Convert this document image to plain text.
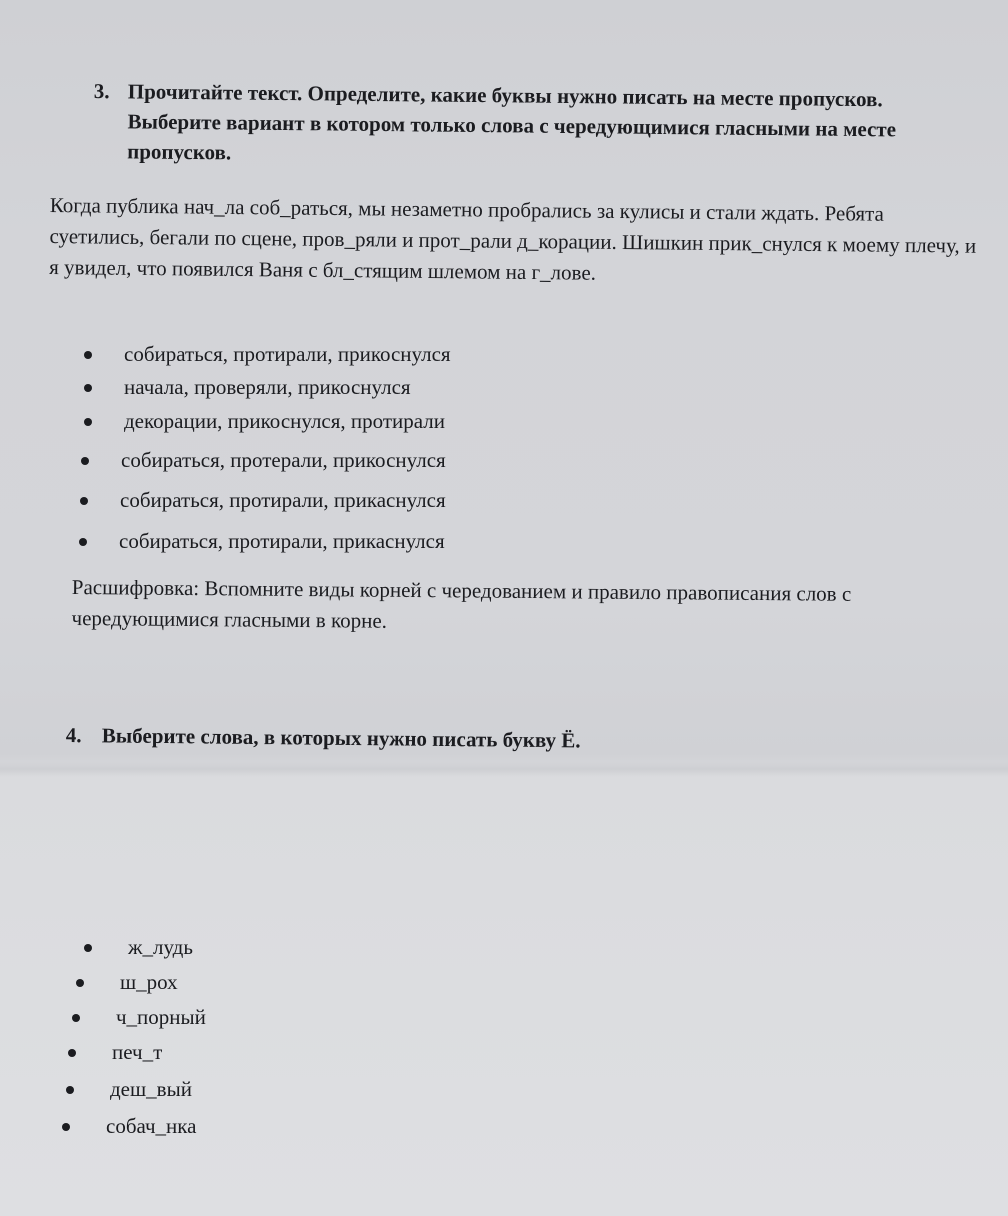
3. Прочитайте текст. Определите, какие буквы нужно писать на месте пропусков. Выберите вариант в котором только слова с чередующимися гласными на месте пропусков.
Когда публика нач_ла соб_раться, мы незаметно пробрались за кулисы и стали ждать. Ребята суетились, бегали по сцене, пров_ряли и прот_рали д_корации. Шишкин прик_снулся к моему плечу, и я увидел, что появился Ваня с бл_стящим шлемом на г_лове.
собираться, протирали, прикоснулся
начала, проверяли, прикоснулся
декорации, прикоснулся, протирали
собираться, протерали, прикоснулся
собираться, протирали, прикаснулся
собираться, протирали, прикаснулся
Расшифровка: Вспомните виды корней с чередованием и правило правописания слов с чередующимися гласными в корне.
4. Выберите слова, в которых нужно писать букву Ё.
ж_лудь
ш_рох
ч_порный
печ_т
деш_вый
собач_нка
